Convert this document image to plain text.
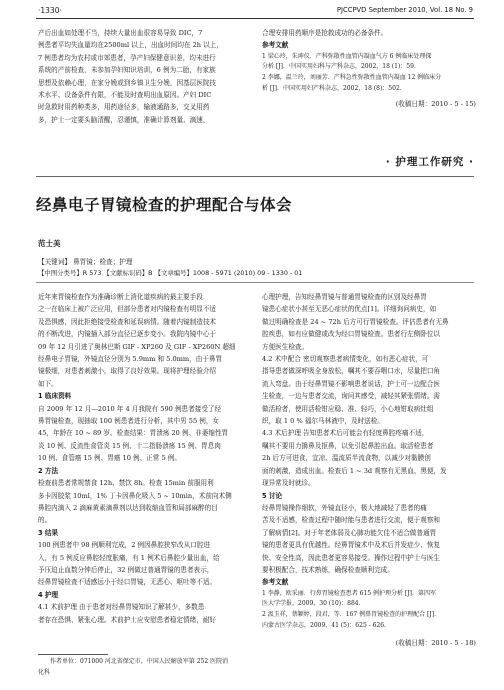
·1330·	PJCCPVD September 2010, Vol. 18 No. 9
产后出血如处理不当，持续大量出血很容易导致 DIC，7
例患者平均失血量均在2500ml 以上，出血时间均在 2h 以上，
7 例患者均为农村或市郊患者，孕产妇保健意识差，均未进行
系统的产前检查，未参加孕妇知识培训，6 例为二胎，有家族
思想及依赖心理，在家分娩或到乡镇卫生分娩，因基层医院技
术水平、设备条件有限，不能及时查明出血原因。产妇 DIC
时急救时用药种类多，用药途径多，输液通路多，交叉用药
多，护士一定要头脑清醒，忍谨慎，准确计算剂量、滴速，
合理安排用药顺序是抢救成功的必备条件。
参考文献
1 梁心玲，朱坤仪．产科弥散性血管内凝血气方 6 例临床处理探
分析 [J]．中国实用妇科与产科杂志，2002，18 (1)：59.
2 李娜，温兰玲，刘丽芳．产科急性弥散性血管内凝血 12 例临床分
析 [J]．中国实用妇产科杂志，2002，18 (8)：502.
(收稿日期：2010 - 5 - 15)
· 护理工作研究 ·
经鼻电子胃镜检查的护理配合与体会
范士美
【关键词】 鼻胃镜；检查；护理
【中图分类号】R 573 【文献标识码】B 【文章编号】1008 - 5971 (2010) 09 - 1330 - 01
近年来胃镜检查作为准确诊断上消化道疾病的最主要手段
之一在临床上被广泛应用，但部分患者对内镜检查有明显不适
及恐惧感，因此拒绝接受检查和延误病情。随着内镜制造技术
的不断改进，内镜插入部分直径已逐步变小。我院内镜中心于
09 年 12 月引进了奥林巴斯 GIF - XP260 及 GIF - XP260N 超细
经鼻电子胃镜，外镜直径分别为 5.9mm 和 5.0mm，由于鼻胃
镜极细，对患者刺激小，取得了良好效果。现将护理经验介绍
如下。
1 临床资料
自 2009 年 12 月—2010 年 4 月我院有 590 例患者接受了经
鼻胃镜检查，现抽取 100 例患者进行分析，其中男 55 例，女
45，年龄在 10 ~ 89 岁。检查结果：胃溃疡 20 例、非萎缩性胃
炎 10 例、反流性食管炎 15 例、十二指肠溃疡 15 例、胃息肉
10 例、食管癌 15 例、胃癌 10 例、正常 5 例。
2 方法
检查前患者常规禁食 12h、禁饮 8h。检查 15min 前服用利
多卡因胶浆 10ml，1% 丁卡因鼻化吸入 5 ~ 10min，术前向术侧
鼻腔内滴入 2 滴麻黄素滴鼻剂以达到收缩血管和局部麻醉的目
的。
3 结果
100 例患者中 98 例顺利完成，2 例因鼻腔狭窄改从口腔进
入，有 5 例反应鼻腔轻度胀痛，有 1 例术后鼻腔少量出血，给
予压迫止血数分钟后停止，32 例做过普通胃镜的患者表示，
经鼻胃镜检查不适感远小于经口胃镜，无恶心、呕吐等不适。
4 护理
4.1 术前护理 由于患者对经鼻胃镜知识了解甚少，多数患
者存在恐惧、紧张心理。术前护士应安慰患者稳定情绪，耐好
作者单位：071000 河北省保定市，中国人民解放军第 252 医院消
化科
心理护理，告知经鼻胃镜与普通胃镜检查的区别及经鼻胃
镜患心症状小甚至无恶心症状的优点[1]。详细询问病史，如
做过明确检查是 24 ~ 72h 后方可行胃镜检查。评估患者有无鼻
腔疾患，如有应做健或改为经口胃镜检查。患者行左侧卧位以
方便医生检查。
4.2 术中配合 密切观察患者病情变化，如有恶心症状，可
指导患者做深呼吸全身放松，嘱其不要吞咽口水，尽量把口角
流入弯盘。由于经鼻胃镜不影响患者说话，护士可一边配合医
生检查，一边与患者交流，询问其感受，减轻其紧张情绪。需
做活检者，使用活检钳应稳、准、轻巧，小心地钳取病灶组
织，取 1 0 % 福尔马林液中，及时送检。
4.3 术后护理 告知患者术后可能会有轻度鼻腔疼痛不适，
嘱其不要用力擤鼻及抠鼻，以免引起鼻腔出血。取活检患者
2h 后方可进食，宜凉、温流质半流食物，以减少对黏膜创
面的刺激，造成出血。检查后 1 ~ 3d 观察有无黑血、黑便，发
现异常及时就诊。
5 讨论
经鼻胃镜操作细软，外镜直径小，极大地减轻了患者的痛
苦及不适感，检查过程中随时能与患者进行交流，便于观察和
了解病情[2]。对于年老体弱及心肺功能欠佳不适合做普通胃
镜的患者更具有优越性。经鼻胃镜术中及术后并发症少、恢复
快、安全性高，因此患者更容易接受。操作过程中护士与医生
要积极配合，技术熟练，确保检查顺利完成。
参考文献
1 李静，欧采丽．行鼻胃镜检查患者 615 例护理分析 [J]．第四军
医大学学报，2009，30 (10)：884.
2 汲玉祥，蔡颖婷，段君，等．167 例鼻胃镜检查的护理配合 [J]．
内蒙古医学杂志，2009，41 (5)：625 - 626.
(收稿日期：2010 - 5 - 18)
